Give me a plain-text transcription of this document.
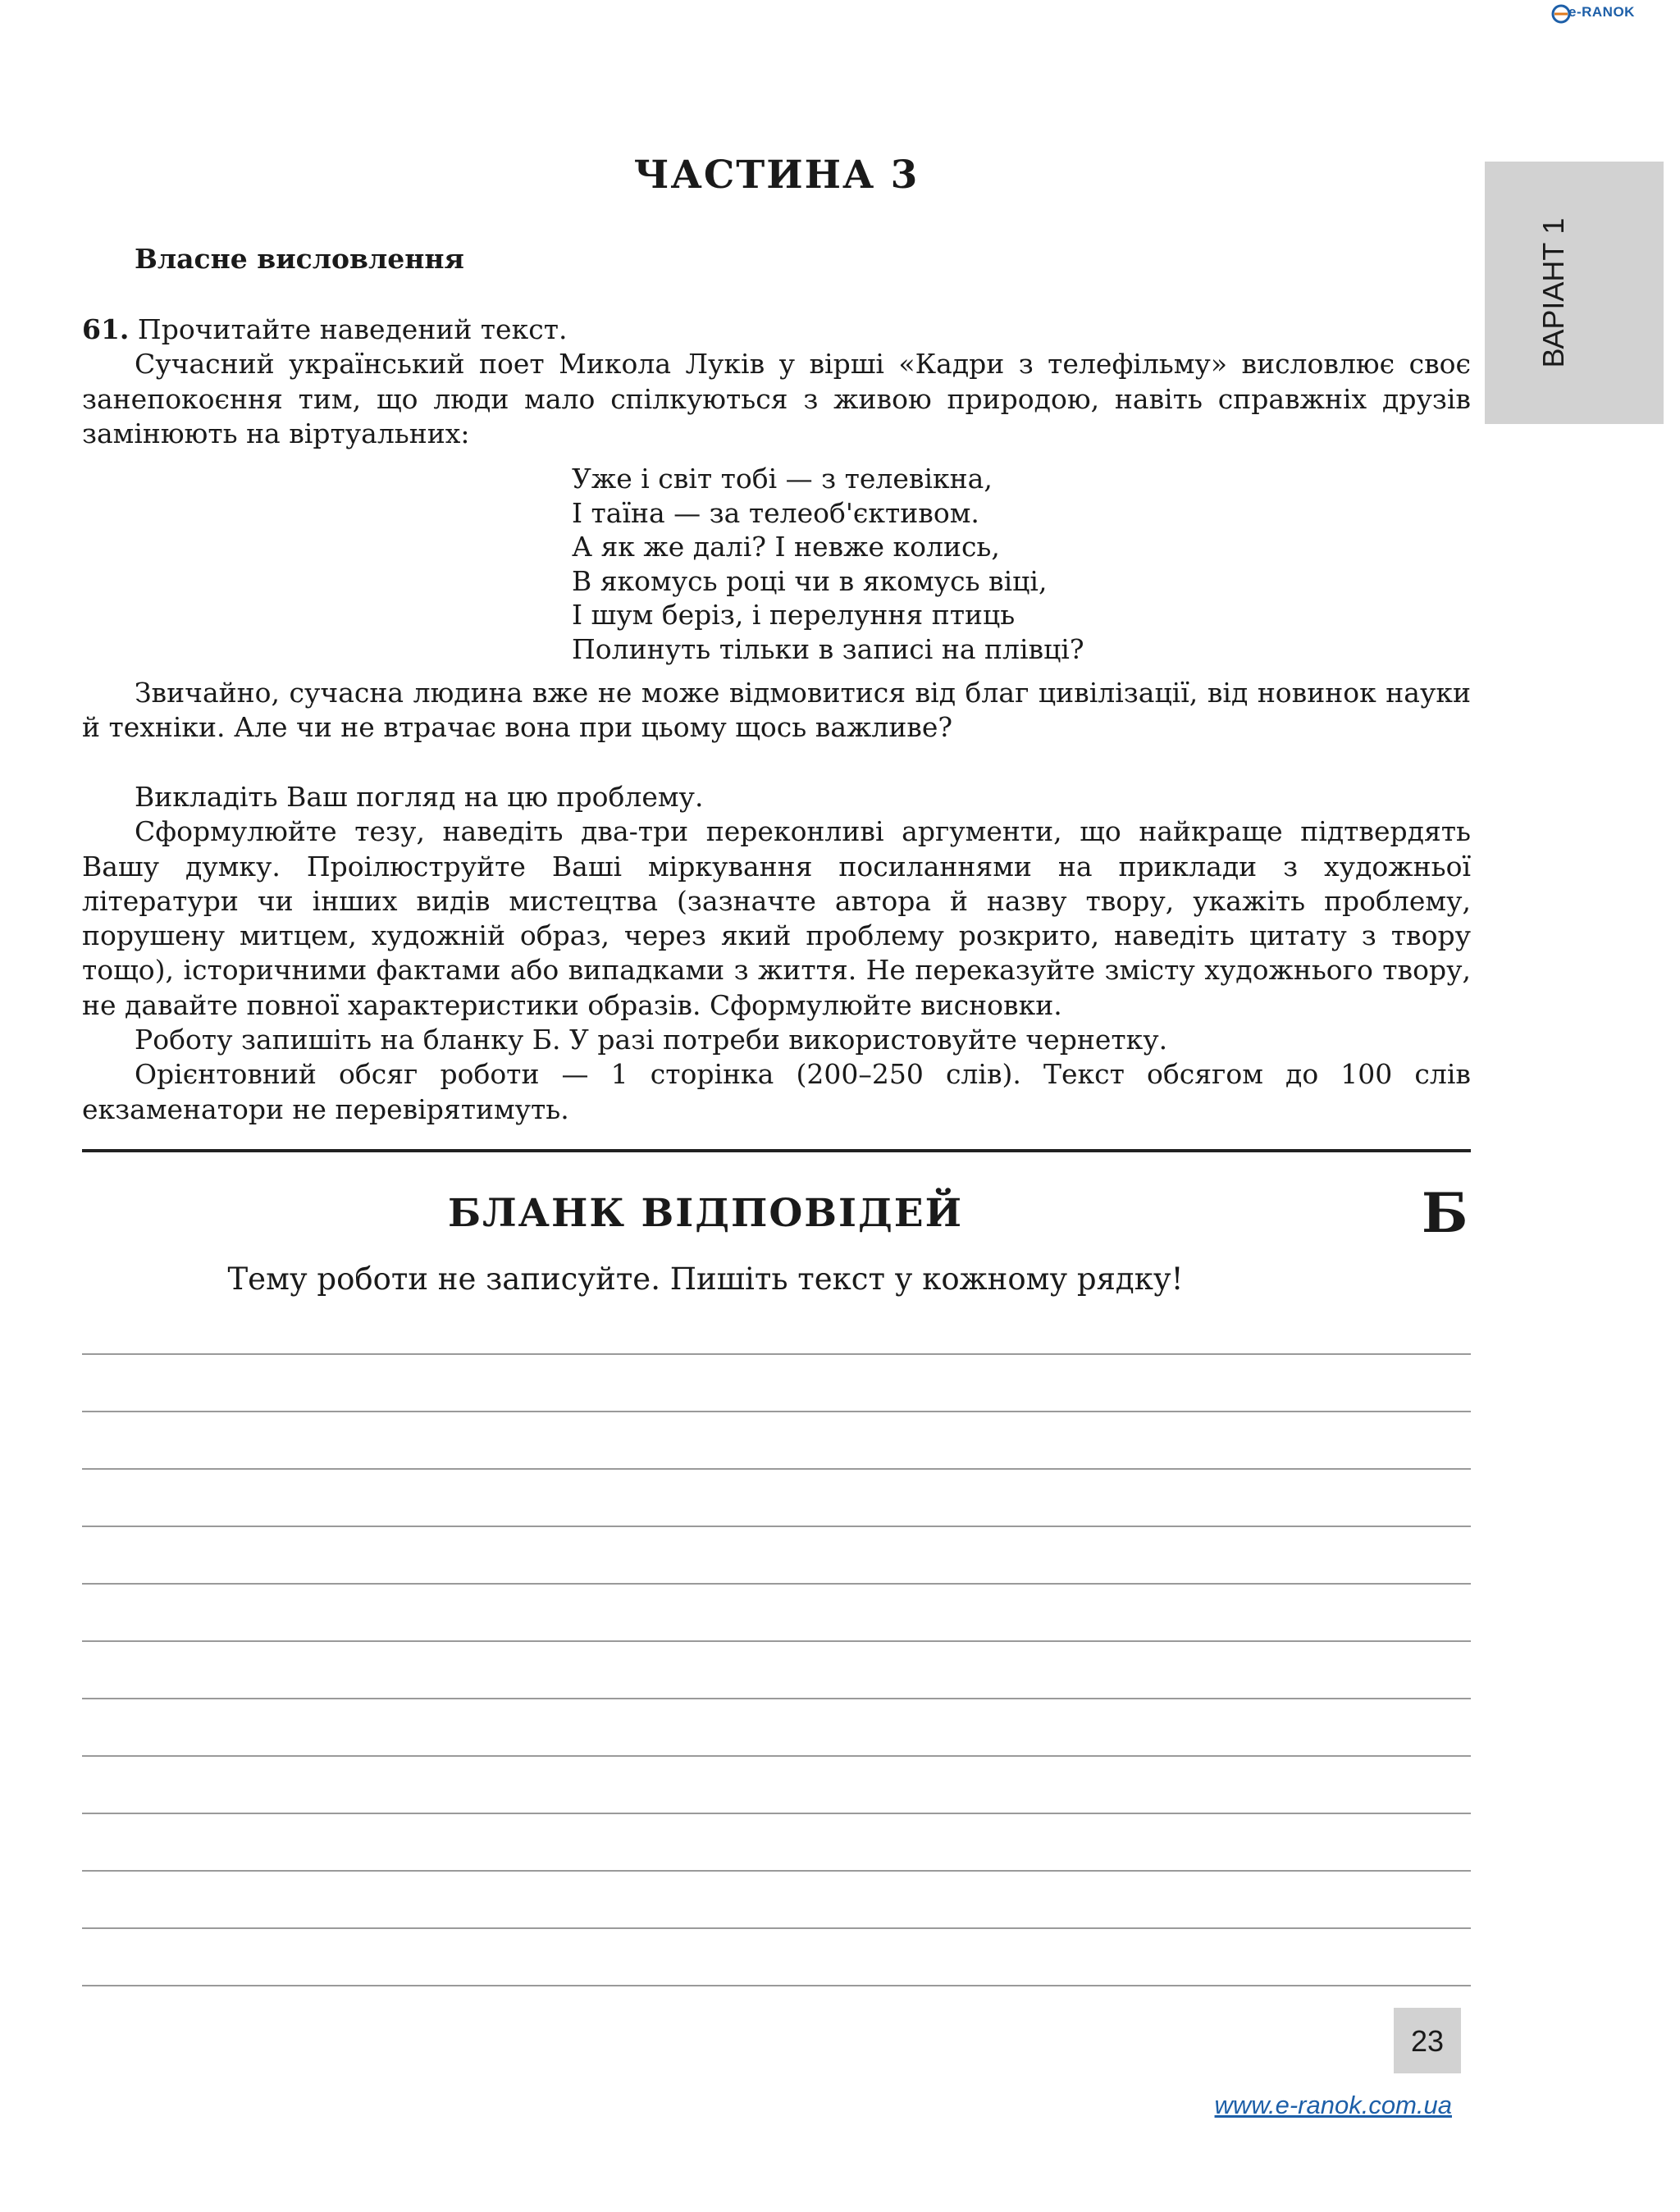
e-RANOK
ВАРІАНТ 1
ЧАСТИНА 3
Власне висловлення
61. Прочитайте наведений текст.

Сучасний український поет Микола Луків у вірші «Кадри з телефільму» висловлює своє занепокоєння тим, що люди мало спілкуються з живою природою, навіть справжніх друзів замінюють на віртуальних:

Уже і світ тобі — з телевікна,
І таїна — за телеоб'єктивом.
А як же далі? І невже колись,
В якомусь році чи в якомусь віці,
І шум беріз, і перелуння птиць
Полинуть тільки в записі на плівці?

Звичайно, сучасна людина вже не може відмовитися від благ цивілізації, від новинок науки й техніки. Але чи не втрачає вона при цьому щось важливе?

Викладіть Ваш погляд на цю проблему.

Сформулюйте тезу, наведіть два-три переконливі аргументи, що найкраще підтвердять Вашу думку. Проілюструйте Ваші міркування посиланнями на приклади з художньої літератури чи інших видів мистецтва (зазначте автора й назву твору, укажіть проблему, порушену митцем, художній образ, через який проблему розкрито, наведіть цитату з твору тощо), історичними фактами або випадками з життя. Не переказуйте змісту художнього твору, не давайте повної характеристики образів. Сформулюйте висновки.

Роботу запишіть на бланку Б. У разі потреби використовуйте чернетку.

Орієнтовний обсяг роботи — 1 сторінка (200–250 слів). Текст обсягом до 100 слів екзаменатори не перевірятимуть.

БЛАНК ВІДПОВІДЕЙ	Б
Тему роботи не записуйте. Пишіть текст у кожному рядку!
23
www.e-ranok.com.ua
